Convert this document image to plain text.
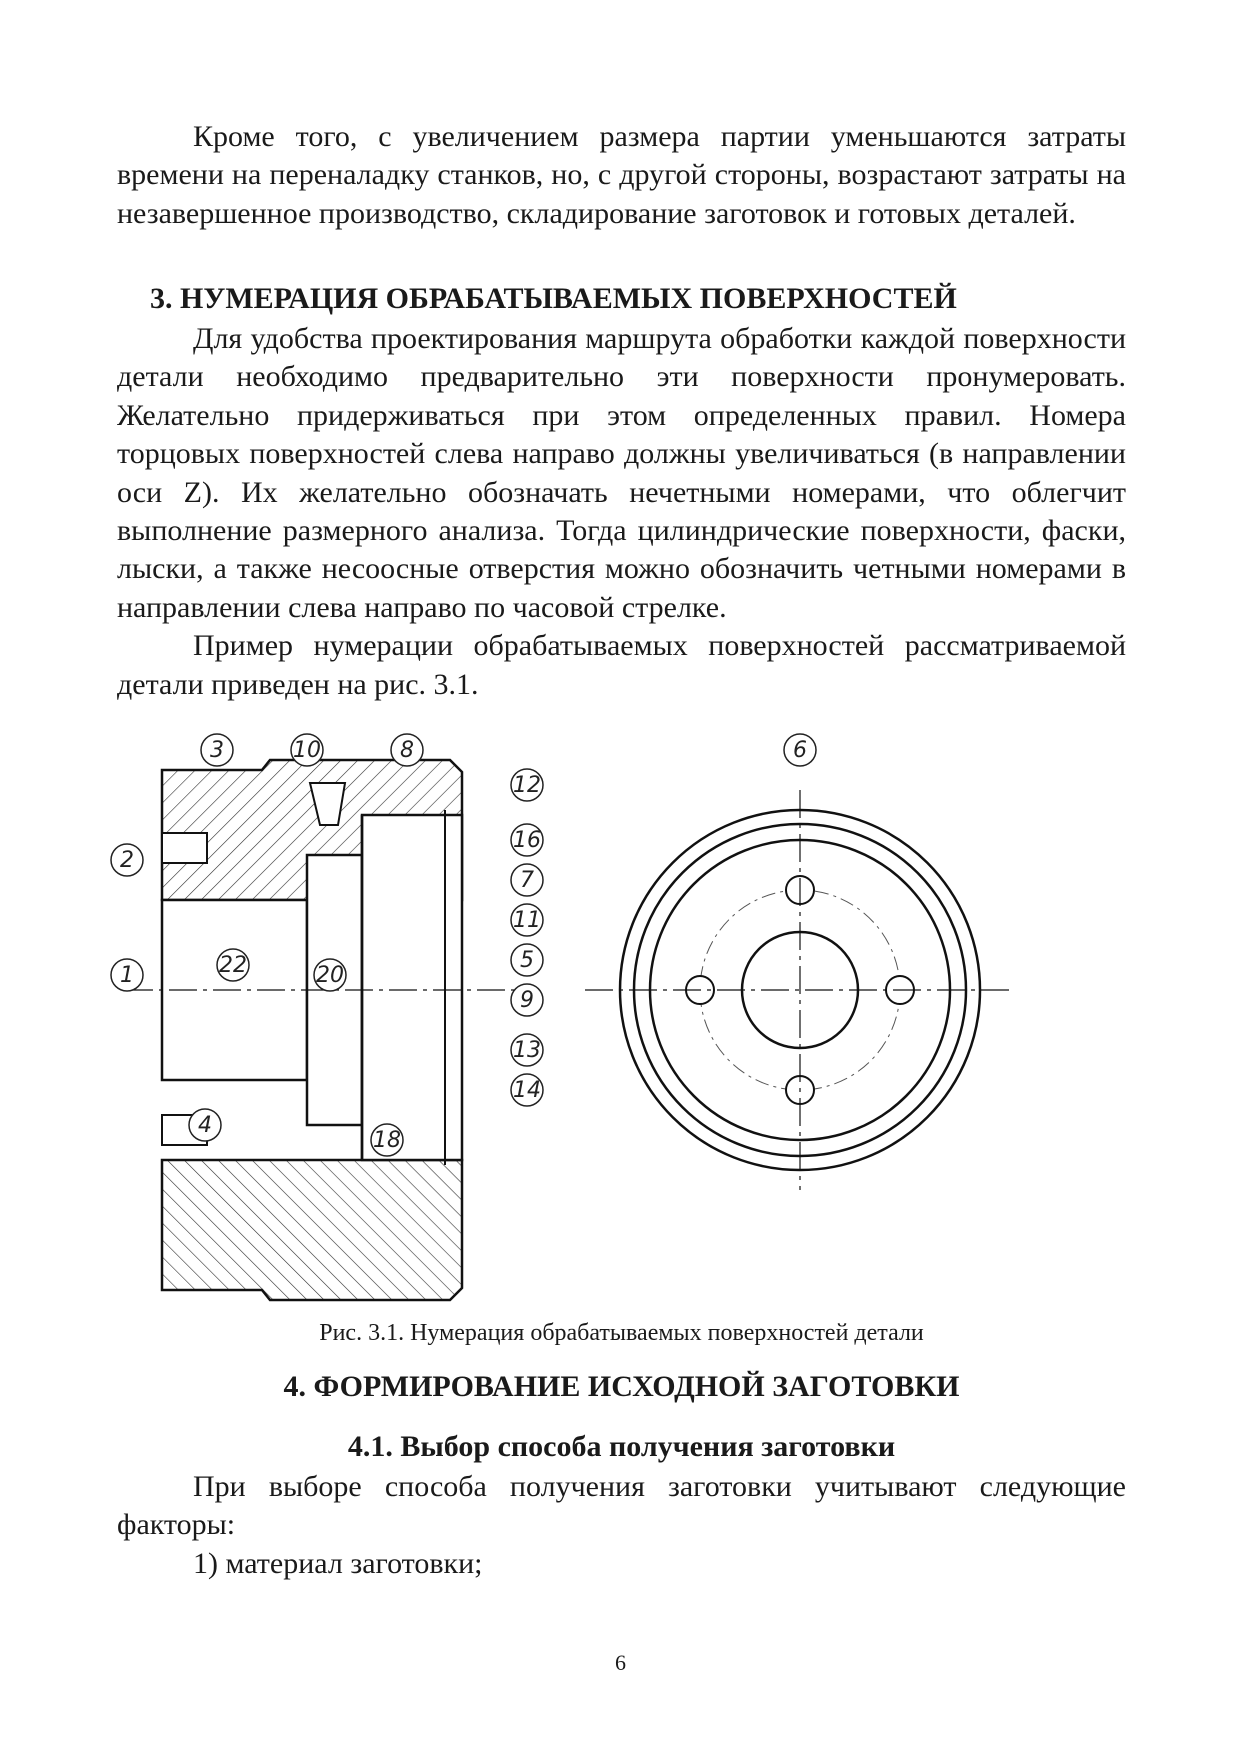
Кроме того, с увеличением размера партии уменьшаются затраты времени на переналадку станков, но, с другой стороны, возрастают затраты на незавершенное производство, складирование заготовок и готовых деталей.

3. НУМЕРАЦИЯ ОБРАБАТЫВАЕМЫХ ПОВЕРХНОСТЕЙ

Для удобства проектирования маршрута обработки каждой поверхности детали необходимо предварительно эти поверхности пронумеровать. Желательно придерживаться при этом определенных правил. Номера торцовых поверхностей слева направо должны увеличиваться (в направлении оси Z). Их желательно обозначать нечетными номерами, что облегчит выполнение размерного анализа. Тогда цилиндрические поверхности, фаски, лыски, а также несоосные отверстия можно обозначить четными номерами в направлении слева направо по часовой стрелке.

Пример нумерации обрабатываемых поверхностей рассматриваемой детали приведен на рис. 3.1.

3	10	8
12
16
7
11
5
9
13
14
18
4
1
2
22	20
6
Рис. 3.1. Нумерация обрабатываемых поверхностей детали
4. ФОРМИРОВАНИЕ ИСХОДНОЙ ЗАГОТОВКИ
4.1. Выбор способа получения заготовки

При выборе способа получения заготовки учитывают следующие факторы:

1) материал заготовки;

6
